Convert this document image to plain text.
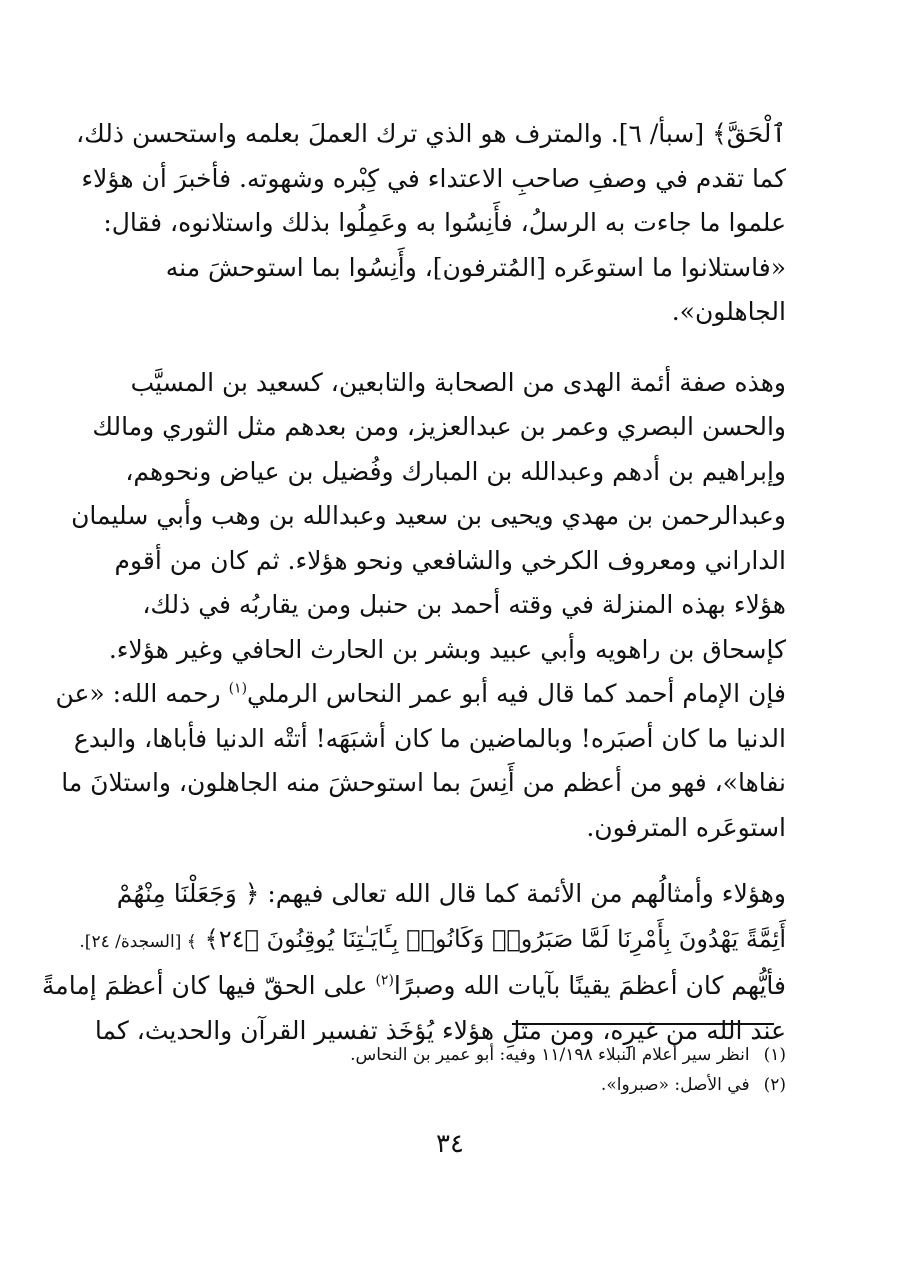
ٱلْحَقَّ﴾ [سبأ/ ٦]. والمترف هو الذي ترك العملَ بعلمه واستحسن ذلك،
كما تقدم في وصفِ صاحبِ الاعتداء في كِبْره وشهوته. فأخبرَ أن هؤلاء
علموا ما جاءت به الرسلُ، فأَنِسُوا به وعَمِلُوا بذلك واستلانوه، فقال:
«فاستلانوا ما استوعَره [المُترفون]، وأَنِسُوا بما استوحشَ منه
الجاهلون».

وهذه صفة أئمة الهدى من الصحابة والتابعين، كسعيد بن المسيَّب
والحسن البصري وعمر بن عبدالعزيز، ومن بعدهم مثل الثوري ومالك
وإبراهيم بن أدهم وعبدالله بن المبارك وفُضيل بن عياض ونحوهم،
وعبدالرحمن بن مهدي ويحيى بن سعيد وعبدالله بن وهب وأبي سليمان
الداراني ومعروف الكرخي والشافعي ونحو هؤلاء. ثم كان من أقوم
هؤلاء بهذه المنزلة في وقته أحمد بن حنبل ومن يقاربُه في ذلك،
كإسحاق بن راهويه وأبي عبيد وبشر بن الحارث الحافي وغير هؤلاء.
فإن الإمام أحمد كما قال فيه أبو عمر النحاس الرملي$^{(١)}$ رحمه الله: «عن
الدنيا ما كان أصبَره! وبالماضين ما كان أشبَهَه! أتتْه الدنيا فأباها، والبدع
نفاها»، فهو من أعظم من أَنِسَ بما استوحشَ منه الجاهلون، واستلانَ ما
استوعَره المترفون.

وهؤلاء وأمثالُهم من الأئمة كما قال الله تعالى فيهم: ﴿ وَجَعَلْنَا مِنْهُمْ
أَئِمَّةً يَهْدُونَ بِأَمْرِنَا لَمَّا صَبَرُوا۟ وَكَانُوا۟ بِـَٔايَـٰتِنَا يُوقِنُونَ ﴿٢٤﴾ ﴾ [السجدة/ ٢٤].
فأيُّهم كان أعظمَ يقينًا بآيات الله وصبرًا$^{(٢)}$ على الحقّ فيها كان أعظمَ إمامةً
عند الله من غيرِه، ومن مثلِ هؤلاء يُؤخَذ تفسير القرآن والحديث، كما

(١)انظر سير أعلام النبلاء ١١/١٩٨ وفيه: أبو عمير بن النحاس.
(٢)في الأصل: «صبروا».
٣٤
